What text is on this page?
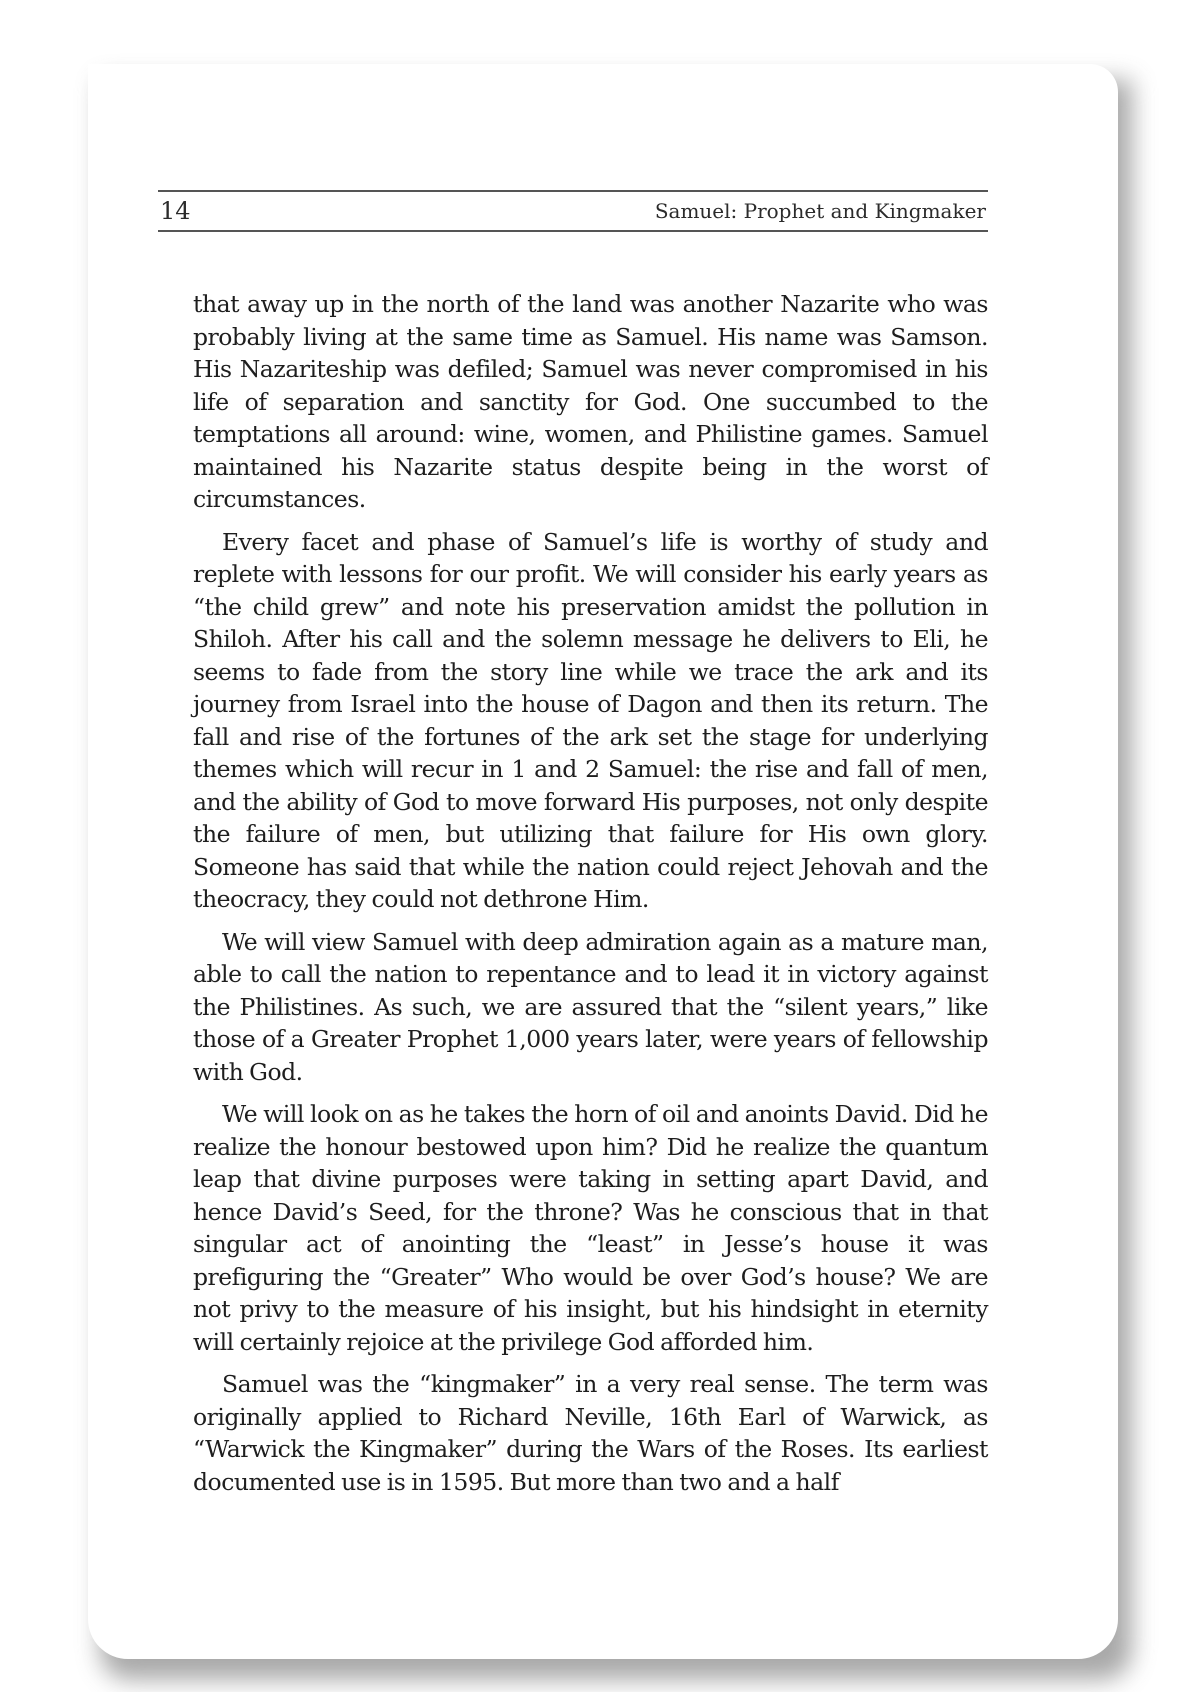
14	Samuel: Prophet and Kingmaker

that away up in the north of the land was another Nazarite who was probably living at the same time as Samuel. His name was Samson. His Nazariteship was defiled; Samuel was never compromised in his life of separation and sanctity for God. One succumbed to the temptations all around: wine, women, and Philistine games. Samuel maintained his Nazarite status despite being in the worst of circumstances.

Every facet and phase of Samuel’s life is worthy of study and replete with lessons for our profit. We will consider his early years as “the child grew” and note his preservation amidst the pollution in Shiloh. After his call and the solemn message he delivers to Eli, he seems to fade from the story line while we trace the ark and its journey from Israel into the house of Dagon and then its return. The fall and rise of the fortunes of the ark set the stage for underlying themes which will recur in 1 and 2 Samuel: the rise and fall of men, and the ability of God to move forward His purposes, not only despite the failure of men, but utilizing that failure for His own glory. Someone has said that while the nation could reject Jehovah and the theocracy, they could not dethrone Him.

We will view Samuel with deep admiration again as a mature man, able to call the nation to repentance and to lead it in victory against the Philistines. As such, we are assured that the “silent years,” like those of a Greater Prophet 1,000 years later, were years of fellowship with God.

We will look on as he takes the horn of oil and anoints David. Did he realize the honour bestowed upon him? Did he realize the quantum leap that divine purposes were taking in setting apart David, and hence David’s Seed, for the throne? Was he conscious that in that singular act of anointing the “least” in Jesse’s house it was prefiguring the “Greater” Who would be over God’s house? We are not privy to the measure of his insight, but his hindsight in eternity will certainly rejoice at the privilege God afforded him.

Samuel was the “kingmaker” in a very real sense. The term was originally applied to Richard Neville, 16th Earl of Warwick, as “Warwick the Kingmaker” during the Wars of the Roses. Its earliest documented use is in 1595. But more than two and a half
